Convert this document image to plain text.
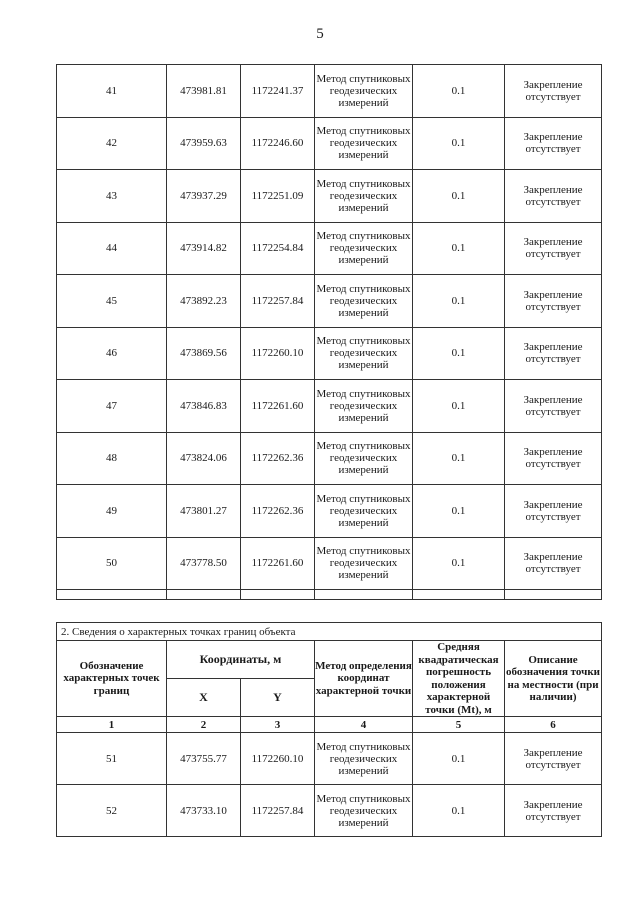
5
41	473981.81	1172241.37	Метод спутниковых геодезических измерений	0.1	Закрепление отсутствует
42	473959.63	1172246.60	Метод спутниковых геодезических измерений	0.1	Закрепление отсутствует
43	473937.29	1172251.09	Метод спутниковых геодезических измерений	0.1	Закрепление отсутствует
44	473914.82	1172254.84	Метод спутниковых геодезических измерений	0.1	Закрепление отсутствует
45	473892.23	1172257.84	Метод спутниковых геодезических измерений	0.1	Закрепление отсутствует
46	473869.56	1172260.10	Метод спутниковых геодезических измерений	0.1	Закрепление отсутствует
47	473846.83	1172261.60	Метод спутниковых геодезических измерений	0.1	Закрепление отсутствует
48	473824.06	1172262.36	Метод спутниковых геодезических измерений	0.1	Закрепление отсутствует
49	473801.27	1172262.36	Метод спутниковых геодезических измерений	0.1	Закрепление отсутствует
50	473778.50	1172261.60	Метод спутниковых геодезических измерений	0.1	Закрепление отсутствует

2. Сведения о характерных точках границ объекта					
Обозначение характерных точек границ	Координаты, м		Метод определения координат характерной точки	Средняя квадратическая погрешность положения характерной точки (Mt), м	Описание обозначения точки на местности (при наличии)
	X	Y			
1	2	3	4	5	6
51	473755.77	1172260.10	Метод спутниковых геодезических измерений	0.1	Закрепление отсутствует
52	473733.10	1172257.84	Метод спутниковых геодезических измерений	0.1	Закрепление отсутствует
